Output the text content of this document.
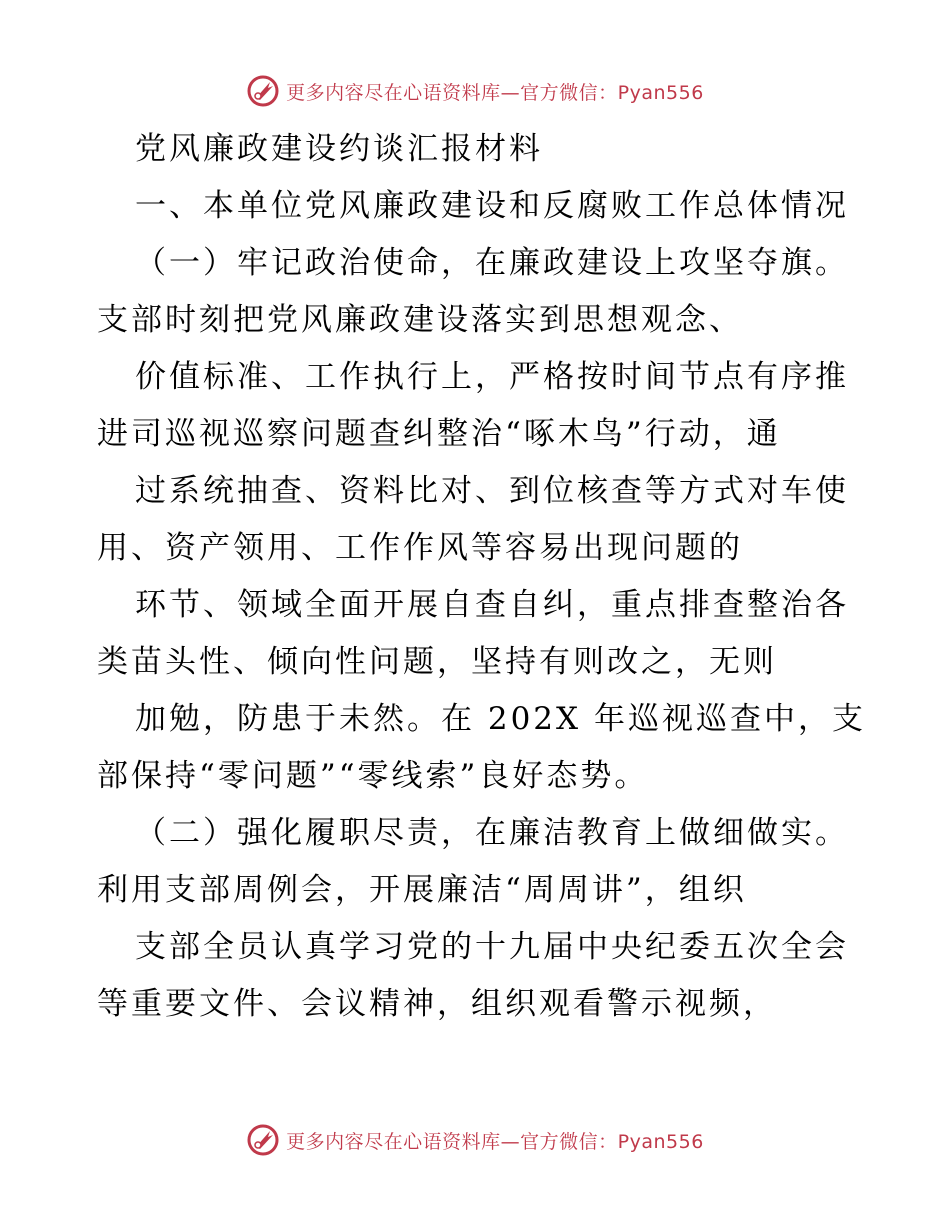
更多内容尽在心语资料库—官方微信：Pyan556
党风廉政建设约谈汇报材料
一、本单位党风廉政建设和反腐败工作总体情况
（一）牢记政治使命，在廉政建设上攻坚夺旗。
支部时刻把党风廉政建设落实到思想观念、
价值标准、工作执行上，严格按时间节点有序推
进司巡视巡察问题查纠整治“啄木鸟”行动，通
过系统抽查、资料比对、到位核查等方式对车使
用、资产领用、工作作风等容易出现问题的
环节、领域全面开展自查自纠，重点排查整治各
类苗头性、倾向性问题，坚持有则改之，无则
加勉，防患于未然。在 202X 年巡视巡查中，支
部保持“零问题”“零线索”良好态势。
（二）强化履职尽责，在廉洁教育上做细做实。
利用支部周例会，开展廉洁“周周讲”，组织
支部全员认真学习党的十九届中央纪委五次全会
等重要文件、会议精神，组织观看警示视频，
更多内容尽在心语资料库—官方微信：Pyan556
